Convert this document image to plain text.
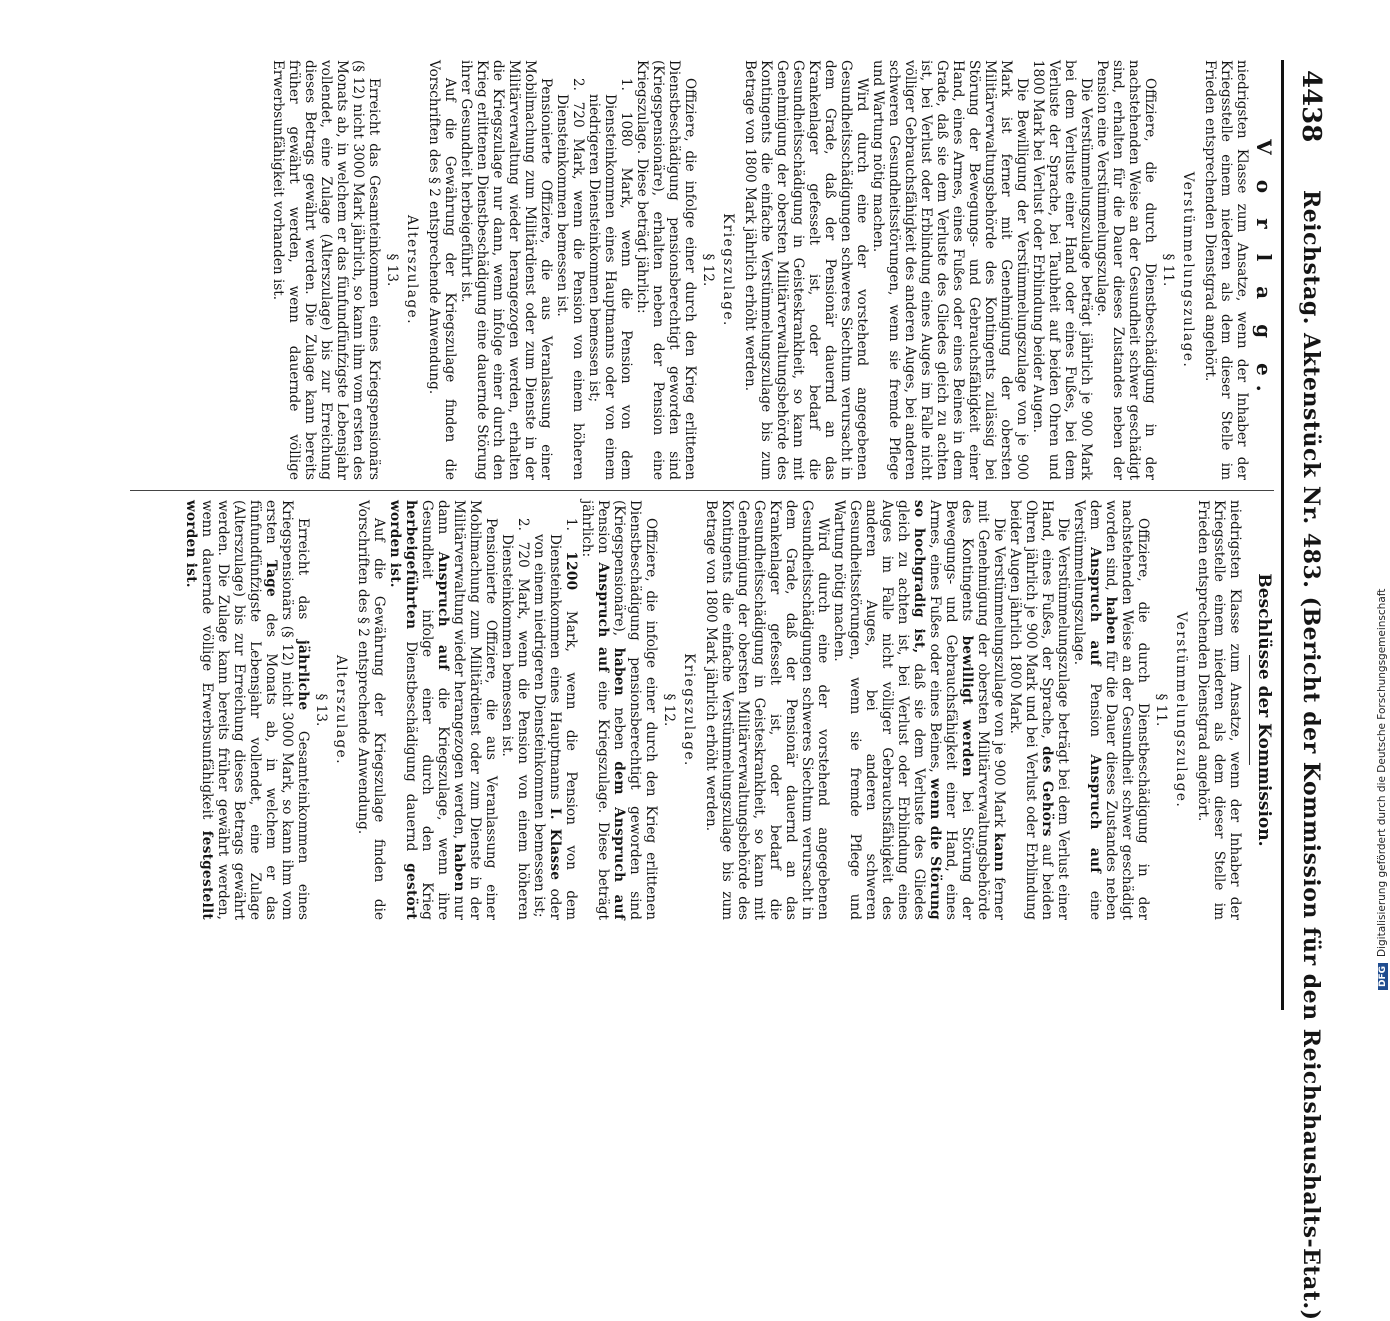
4438
Reichstag. Aktenstück Nr. 483. (Bericht der Kommission für den Reichshaushalts-Etat.)
V o r l a g e.

niedrigsten Klasse zum Ansatze, wenn der Inhaber der Kriegsstelle einem niederen als dem dieser Stelle im Frieden entsprechenden Dienstgrad angehört.

Verstümmelungszulage.
§ 11.

Offiziere, die durch Dienstbeschädigung in der nachstehenden Weise an der Gesundheit schwer geschädigt sind, erhalten für die Dauer dieses Zustandes neben der Pension eine Verstümmelungszulage.

Die Verstümmelungszulage beträgt jährlich je 900 Mark bei dem Verluste einer Hand oder eines Fußes, bei dem Verluste der Sprache, bei Taubheit auf beiden Ohren und 1800 Mark bei Verlust oder Erblindung beider Augen.

Die Bewilligung der Verstümmelungszulage von je 900 Mark ist ferner mit Genehmigung der obersten Militärverwaltungsbehörde des Kontingents zulässig bei Störung der Bewegungs- und Gebrauchsfähigkeit einer Hand, eines Armes, eines Fußes oder eines Beines in dem Grade, daß sie dem Verluste des Gliedes gleich zu achten ist, bei Verlust oder Erblindung eines Auges im Falle nicht völliger Gebrauchsfähigkeit des anderen Auges, bei anderen schweren Gesundheitsstörungen, wenn sie fremde Pflege und Wartung nötig machen.

Wird durch eine der vorstehend angegebenen Gesundheitsschädigungen schweres Siechtum verursacht in dem Grade, daß der Pensionär dauernd an das Krankenlager gefesselt ist, oder bedarf die Gesundheitsschädigung in Geisteskrankheit, so kann mit Genehmigung der obersten Militärverwaltungsbehörde des Kontingents die einfache Verstümmelungszulage bis zum Betrage von 1800 Mark jährlich erhöht werden.

Kriegszulage.
§ 12.

Offiziere, die infolge einer durch den Krieg erlittenen Dienstbeschädigung pensionsberechtigt geworden sind (Kriegspensionäre), erhalten neben der Pension eine Kriegszulage. Diese beträgt jährlich:

1. 1080 Mark, wenn die Pension von dem Diensteinkommen eines Hauptmanns oder von einem niedrigeren Diensteinkommen bemessen ist;
2. 720 Mark, wenn die Pension von einem höheren Diensteinkommen bemessen ist.

Pensionierte Offiziere, die aus Veranlassung einer Mobilmachung zum Militärdienst oder zum Dienste in der Militärverwaltung wieder herangezogen werden, erhalten die Kriegszulage nur dann, wenn infolge einer durch den Krieg erlittenen Dienstbeschädigung eine dauernde Störung ihrer Gesundheit herbeigeführt ist.

Auf die Gewährung der Kriegszulage finden die Vorschriften des § 2 entsprechende Anwendung.

Alterszulage.
§ 13.

Erreicht das Gesamteinkommen eines Kriegspensionärs (§ 12) nicht 3000 Mark jährlich, so kann ihm vom ersten des Monats ab, in welchem er das fünfundfünfzigste Lebensjahr vollendet, eine Zulage (Alterszulage) bis zur Erreichung dieses Betrags gewährt werden. Die Zulage kann bereits früher gewährt werden, wenn dauernde völlige Erwerbsunfähigkeit vorhanden ist.

Beschlüsse der Kommission.

niedrigsten Klasse zum Ansatze, wenn der Inhaber der Kriegsstelle einem niederen als dem dieser Stelle im Frieden entsprechenden Dienstgrad angehört.

Verstümmelungszulage.
§ 11.

Offiziere, die durch Dienstbeschädigung in der nachstehenden Weise an der Gesundheit schwer geschädigt worden sind, haben für die Dauer dieses Zustandes neben dem Anspruch auf Pension Anspruch auf eine Verstümmelungszulage.

Die Verstümmelungszulage beträgt bei dem Verlust einer Hand, eines Fußes, der Sprache, des Gehörs auf beiden Ohren jährlich je 900 Mark und bei Verlust oder Erblindung beider Augen jährlich 1800 Mark.

Die Verstümmelungszulage von je 900 Mark kann ferner mit Genehmigung der obersten Militärverwaltungsbehörde des Kontingents bewilligt werden bei Störung der Bewegungs- und Gebrauchsfähigkeit einer Hand, eines Armes, eines Fußes oder eines Beines, wenn die Störung so hochgradig ist, daß sie dem Verluste des Gliedes gleich zu achten ist, bei Verlust oder Erblindung eines Auges im Falle nicht völliger Gebrauchsfähigkeit des anderen Auges, bei anderen schweren Gesundheitsstörungen, wenn sie fremde Pflege und Wartung nötig machen.

Wird durch eine der vorstehend angegebenen Gesundheitsschädigungen schweres Siechtum verursacht in dem Grade, daß der Pensionär dauernd an das Krankenlager gefesselt ist, oder bedarf die Gesundheitsschädigung in Geisteskrankheit, so kann mit Genehmigung der obersten Militärverwaltungsbehörde des Kontingents die einfache Verstümmelungszulage bis zum Betrage von 1800 Mark jährlich erhöht werden.

Kriegszulage.
§ 12.

Offiziere, die infolge einer durch den Krieg erlittenen Dienstbeschädigung pensionsberechtigt geworden sind (Kriegspensionäre), haben neben dem Anspruch auf Pension Anspruch auf eine Kriegszulage. Diese beträgt jährlich:

1. 1200 Mark, wenn die Pension von dem Diensteinkommen eines Hauptmanns I. Klasse oder von einem niedrigeren Diensteinkommen bemessen ist;
2. 720 Mark, wenn die Pension von einem höheren Diensteinkommen bemessen ist.

Pensionierte Offiziere, die aus Veranlassung einer Mobilmachung zum Militärdienst oder zum Dienste in der Militärverwaltung wieder herangezogen werden, haben nur dann Anspruch auf die Kriegszulage, wenn ihre Gesundheit infolge einer durch den Krieg herbeigeführten Dienstbeschädigung dauernd gestört worden ist.

Auf die Gewährung der Kriegszulage finden die Vorschriften des § 2 entsprechende Anwendung.

Alterszulage.
§ 13.

Erreicht das jährliche Gesamteinkommen eines Kriegspensionärs (§ 12) nicht 3000 Mark, so kann ihm vom ersten Tage des Monats ab, in welchem er das fünfundfünfzigste Lebensjahr vollendet, eine Zulage (Alterszulage) bis zur Erreichung dieses Betrags gewährt werden. Die Zulage kann bereits früher gewährt werden, wenn dauernde völlige Erwerbsunfähigkeit festgestellt worden ist.

DFGDigitalisierung gefördert durch die Deutsche Forschungsgemeinschaft
